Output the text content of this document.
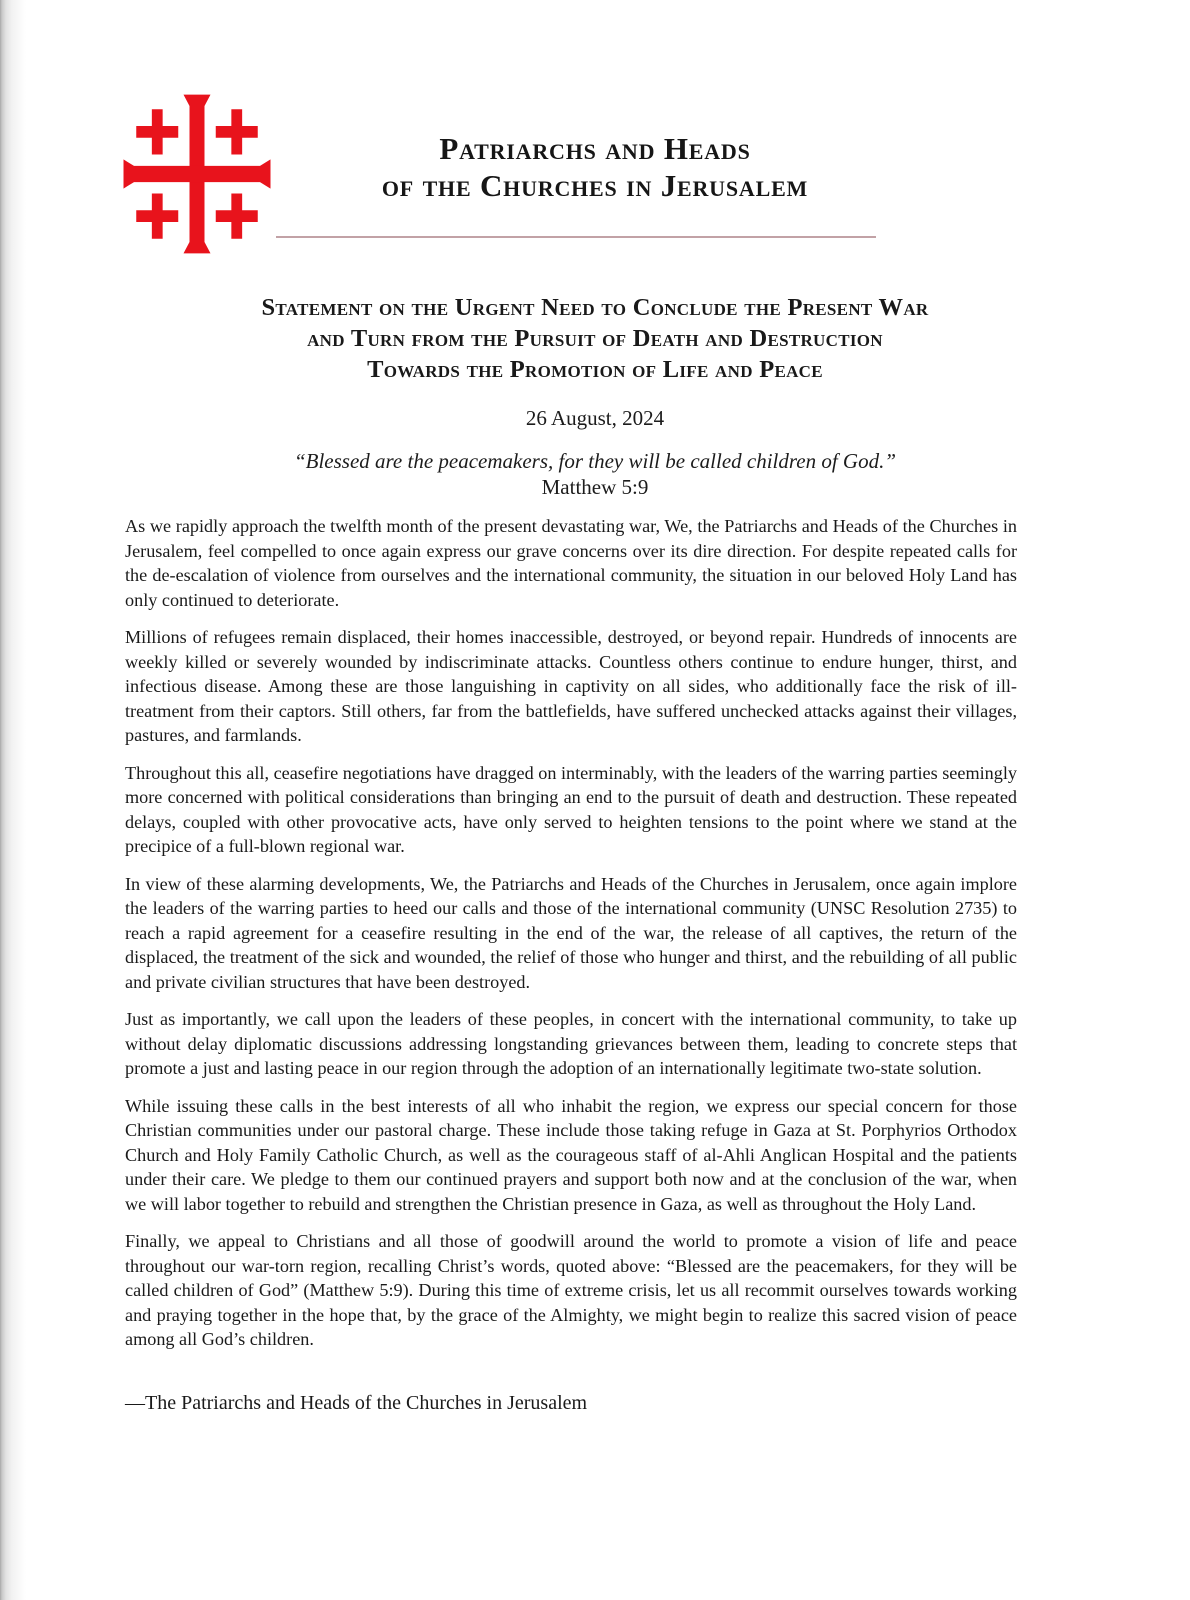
Patriarchs and Heads
of the Churches in Jerusalem
Statement on the Urgent Need to Conclude the Present War
and Turn from the Pursuit of Death and Destruction
Towards the Promotion of Life and Peace
26 August, 2024
“Blessed are the peacemakers, for they will be called children of God.”
Matthew 5:9

As we rapidly approach the twelfth month of the present devastating war, We, the Patriarchs and Heads of the Churches in Jerusalem, feel compelled to once again express our grave concerns over its dire direction. For despite repeated calls for the de-escalation of violence from ourselves and the international community, the situation in our beloved Holy Land has only continued to deteriorate.

Millions of refugees remain displaced, their homes inaccessible, destroyed, or beyond repair. Hundreds of innocents are weekly killed or severely wounded by indiscriminate attacks. Countless others continue to endure hunger, thirst, and infectious disease. Among these are those languishing in captivity on all sides, who additionally face the risk of ill-treatment from their captors. Still others, far from the battlefields, have suffered unchecked attacks against their villages, pastures, and farmlands.

Throughout this all, ceasefire negotiations have dragged on interminably, with the leaders of the warring parties seemingly more concerned with political considerations than bringing an end to the pursuit of death and destruction. These repeated delays, coupled with other provocative acts, have only served to heighten tensions to the point where we stand at the precipice of a full-blown regional war.

In view of these alarming developments, We, the Patriarchs and Heads of the Churches in Jerusalem, once again implore the leaders of the warring parties to heed our calls and those of the international community (UNSC Resolution 2735) to reach a rapid agreement for a ceasefire resulting in the end of the war, the release of all captives, the return of the displaced, the treatment of the sick and wounded, the relief of those who hunger and thirst, and the rebuilding of all public and private civilian structures that have been destroyed.

Just as importantly, we call upon the leaders of these peoples, in concert with the international community, to take up without delay diplomatic discussions addressing longstanding grievances between them, leading to concrete steps that promote a just and lasting peace in our region through the adoption of an internationally legitimate two-state solution.

While issuing these calls in the best interests of all who inhabit the region, we express our special concern for those Christian communities under our pastoral charge. These include those taking refuge in Gaza at St. Porphyrios Orthodox Church and Holy Family Catholic Church, as well as the courageous staff of al-Ahli Anglican Hospital and the patients under their care. We pledge to them our continued prayers and support both now and at the conclusion of the war, when we will labor together to rebuild and strengthen the Christian presence in Gaza, as well as throughout the Holy Land.

Finally, we appeal to Christians and all those of goodwill around the world to promote a vision of life and peace throughout our war-torn region, recalling Christ’s words, quoted above: “Blessed are the peacemakers, for they will be called children of God” (Matthew 5:9). During this time of extreme crisis, let us all recommit ourselves towards working and praying together in the hope that, by the grace of the Almighty, we might begin to realize this sacred vision of peace among all God’s children.

—The Patriarchs and Heads of the Churches in Jerusalem
